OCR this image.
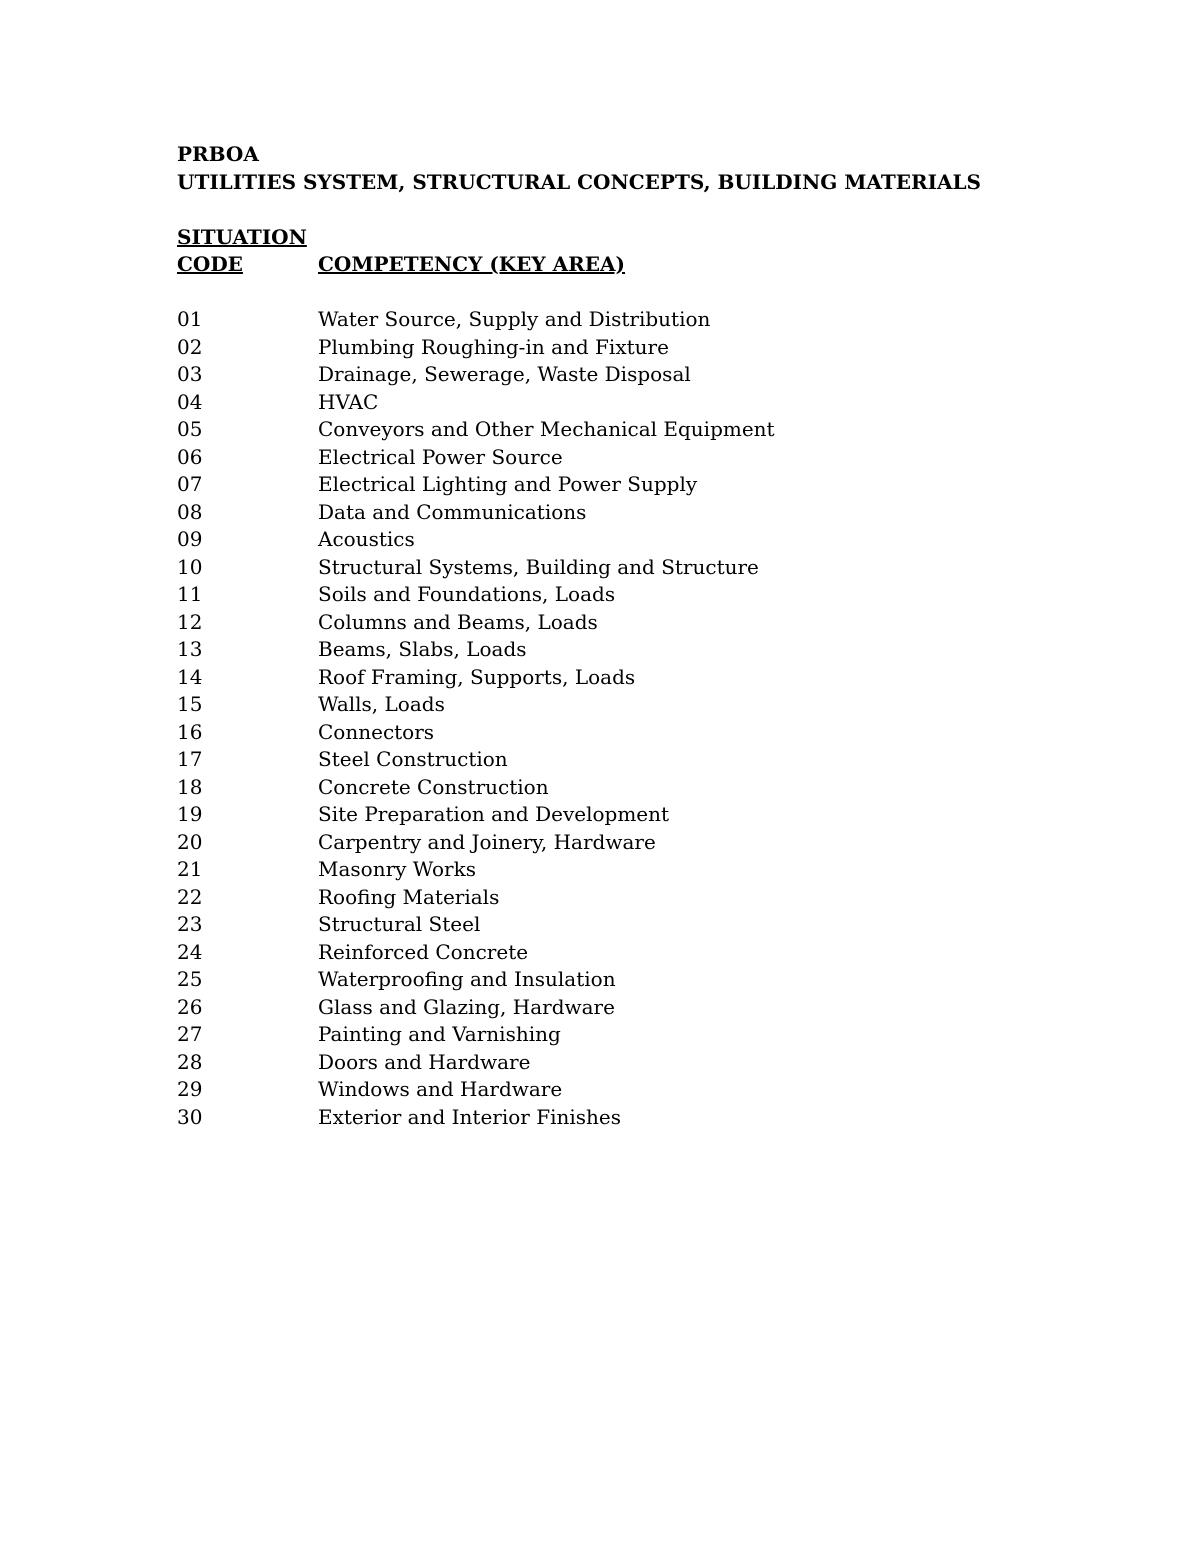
PRBOA
UTILITIES SYSTEM, STRUCTURAL CONCEPTS, BUILDING MATERIALS
SITUATION
CODE	COMPETENCY (KEY AREA)
01	Water Source, Supply and Distribution
02	Plumbing Roughing-in and Fixture
03	Drainage, Sewerage, Waste Disposal
04	HVAC
05	Conveyors and Other Mechanical Equipment
06	Electrical Power Source
07	Electrical Lighting and Power Supply
08	Data and Communications
09	Acoustics
10	Structural Systems, Building and Structure
11	Soils and Foundations, Loads
12	Columns and Beams, Loads
13	Beams, Slabs, Loads
14	Roof Framing, Supports, Loads
15	Walls, Loads
16	Connectors
17	Steel Construction
18	Concrete Construction
19	Site Preparation and Development
20	Carpentry and Joinery, Hardware
21	Masonry Works
22	Roofing Materials
23	Structural Steel
24	Reinforced Concrete
25	Waterproofing and Insulation
26	Glass and Glazing, Hardware
27	Painting and Varnishing
28	Doors and Hardware
29	Windows and Hardware
30	Exterior and Interior Finishes
